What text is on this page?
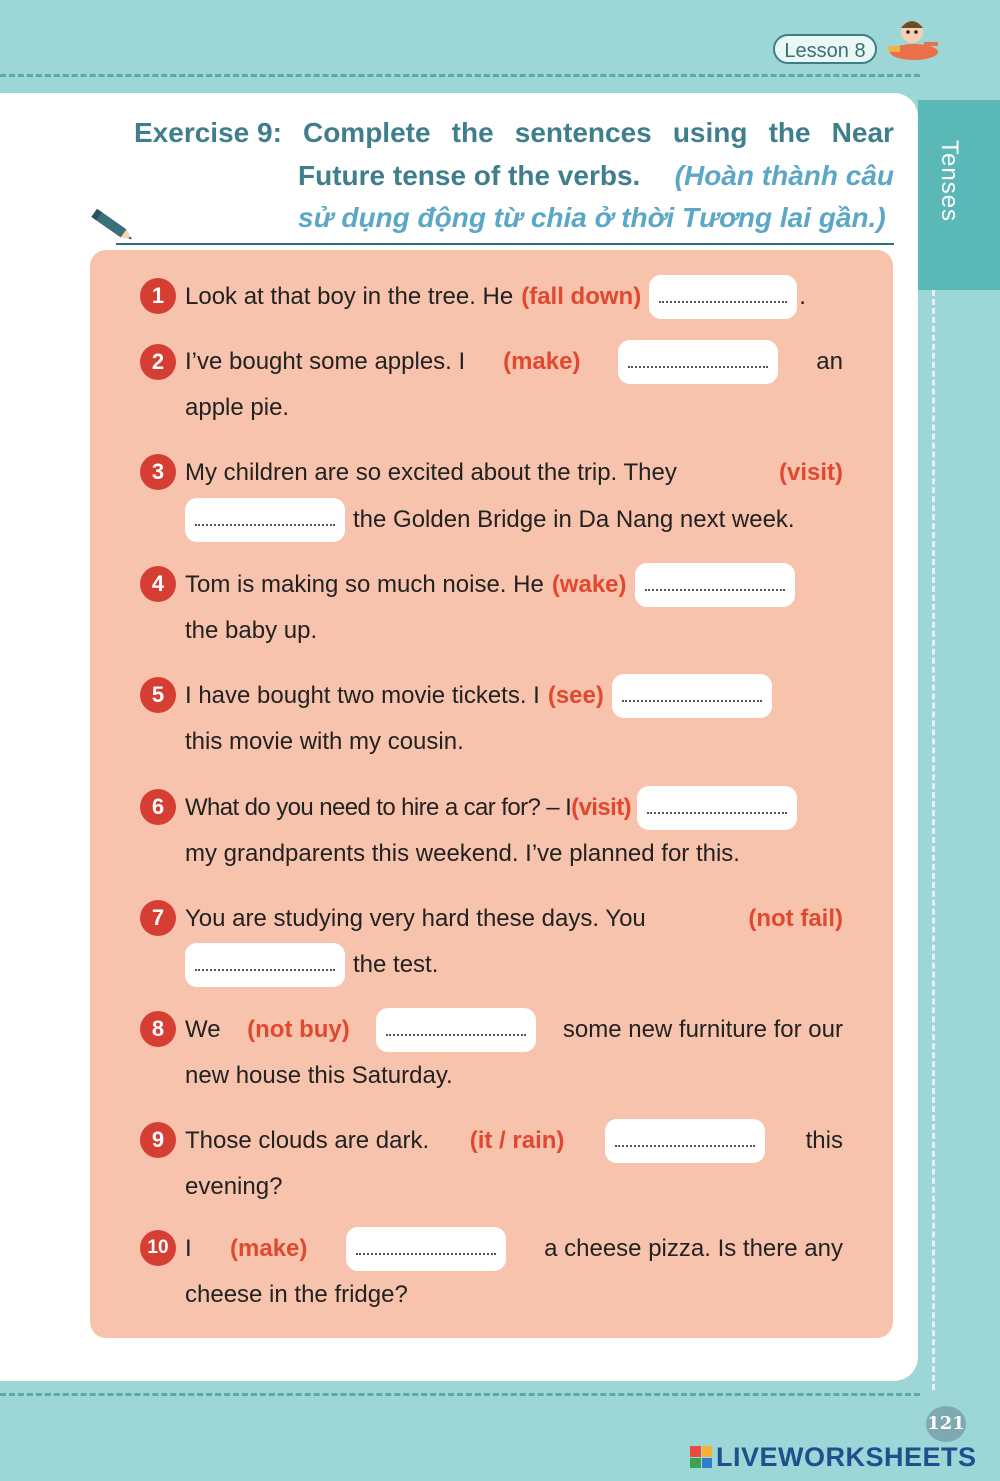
Lesson 8
Tenses
Exercise 9: Complete the sentences using the Near
Future tense of the verbs. (Hoàn thành câu
sử dụng động từ chia ở thời Tương lai gần.)
1 Look at that boy in the tree. He (fall down)	.
2 I’ve bought some apples. I (make)	an
apple pie.
3 My children are so excited about the trip. They	(visit)
the Golden Bridge in Da Nang next week.
4 Tom is making so much noise. He (wake)
the baby up.
5 I have bought two movie tickets. I (see)
this movie with my cousin.
6 What do you need to hire a car for? – I (visit)
my grandparents this weekend. I’ve planned for this.
7 You are studying very hard these days. You	(not fail)
the test.
8 We (not buy)	some new furniture for our
new house this Saturday.
9 Those clouds are dark. (it / rain)	this
evening?
10 I (make)	a cheese pizza. Is there any
cheese in the fridge?
121
LIVEWORKSHEETS
